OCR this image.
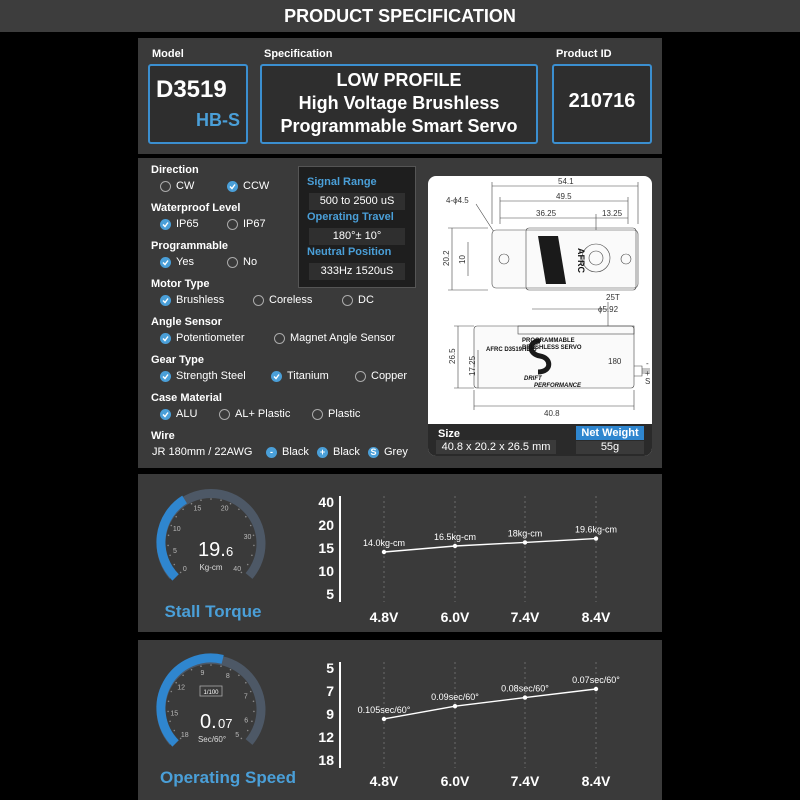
PRODUCT SPECIFICATION
Model	Specification	Product ID
D3519
HB-S
LOW PROFILE
High Voltage Brushless
Programmable Smart Servo
210716
Direction
CW	CCW
Waterproof Level
IP65	IP67
Programmable
Yes	No
Motor Type
Brushless	Coreless	DC
Angle Sensor
Potentiometer	Magnet Angle Sensor
Gear Type
Strength Steel	Titanium	Copper
Case Material
ALU	AL+ Plastic	Plastic
Wire
JR 180mm / 22AWG	- Black	+ Black S Grey
Signal Range
500 to 2500 uS
Operating Travel
180°± 10°
Neutral Position
333Hz 1520uS
54.1
49.5
36.25	13.25
4-ϕ4.5
20.2 10
25T
ϕ5.92
26.5 17.25
40.8
180	-
+
S
AFRC
PROGRAMMABLE
BRUSHLESS SERVO
AFRC D3519HB-S
DRIFT
PERFORMANCE
Size
40.8 x 20.2 x 26.5 mm
Net Weight
55g
0
5
10
15	20
30
40
19. 6
Kg-cm
Stall Torque
40
20
15
10
5
4.8V	6.0V	7.4V	8.4V
14.0kg-cm
16.5kg-cm	18kg-cm	19.6kg-cm
18
15
12
9	8
7
6
5
1/100
0. 07
Sec/60°
Operating Speed
5
7
9
12
18
4.8V	6.0V	7.4V	8.4V
0.105sec/60°
0.09sec/60°
0.08sec/60°
0.07sec/60°
